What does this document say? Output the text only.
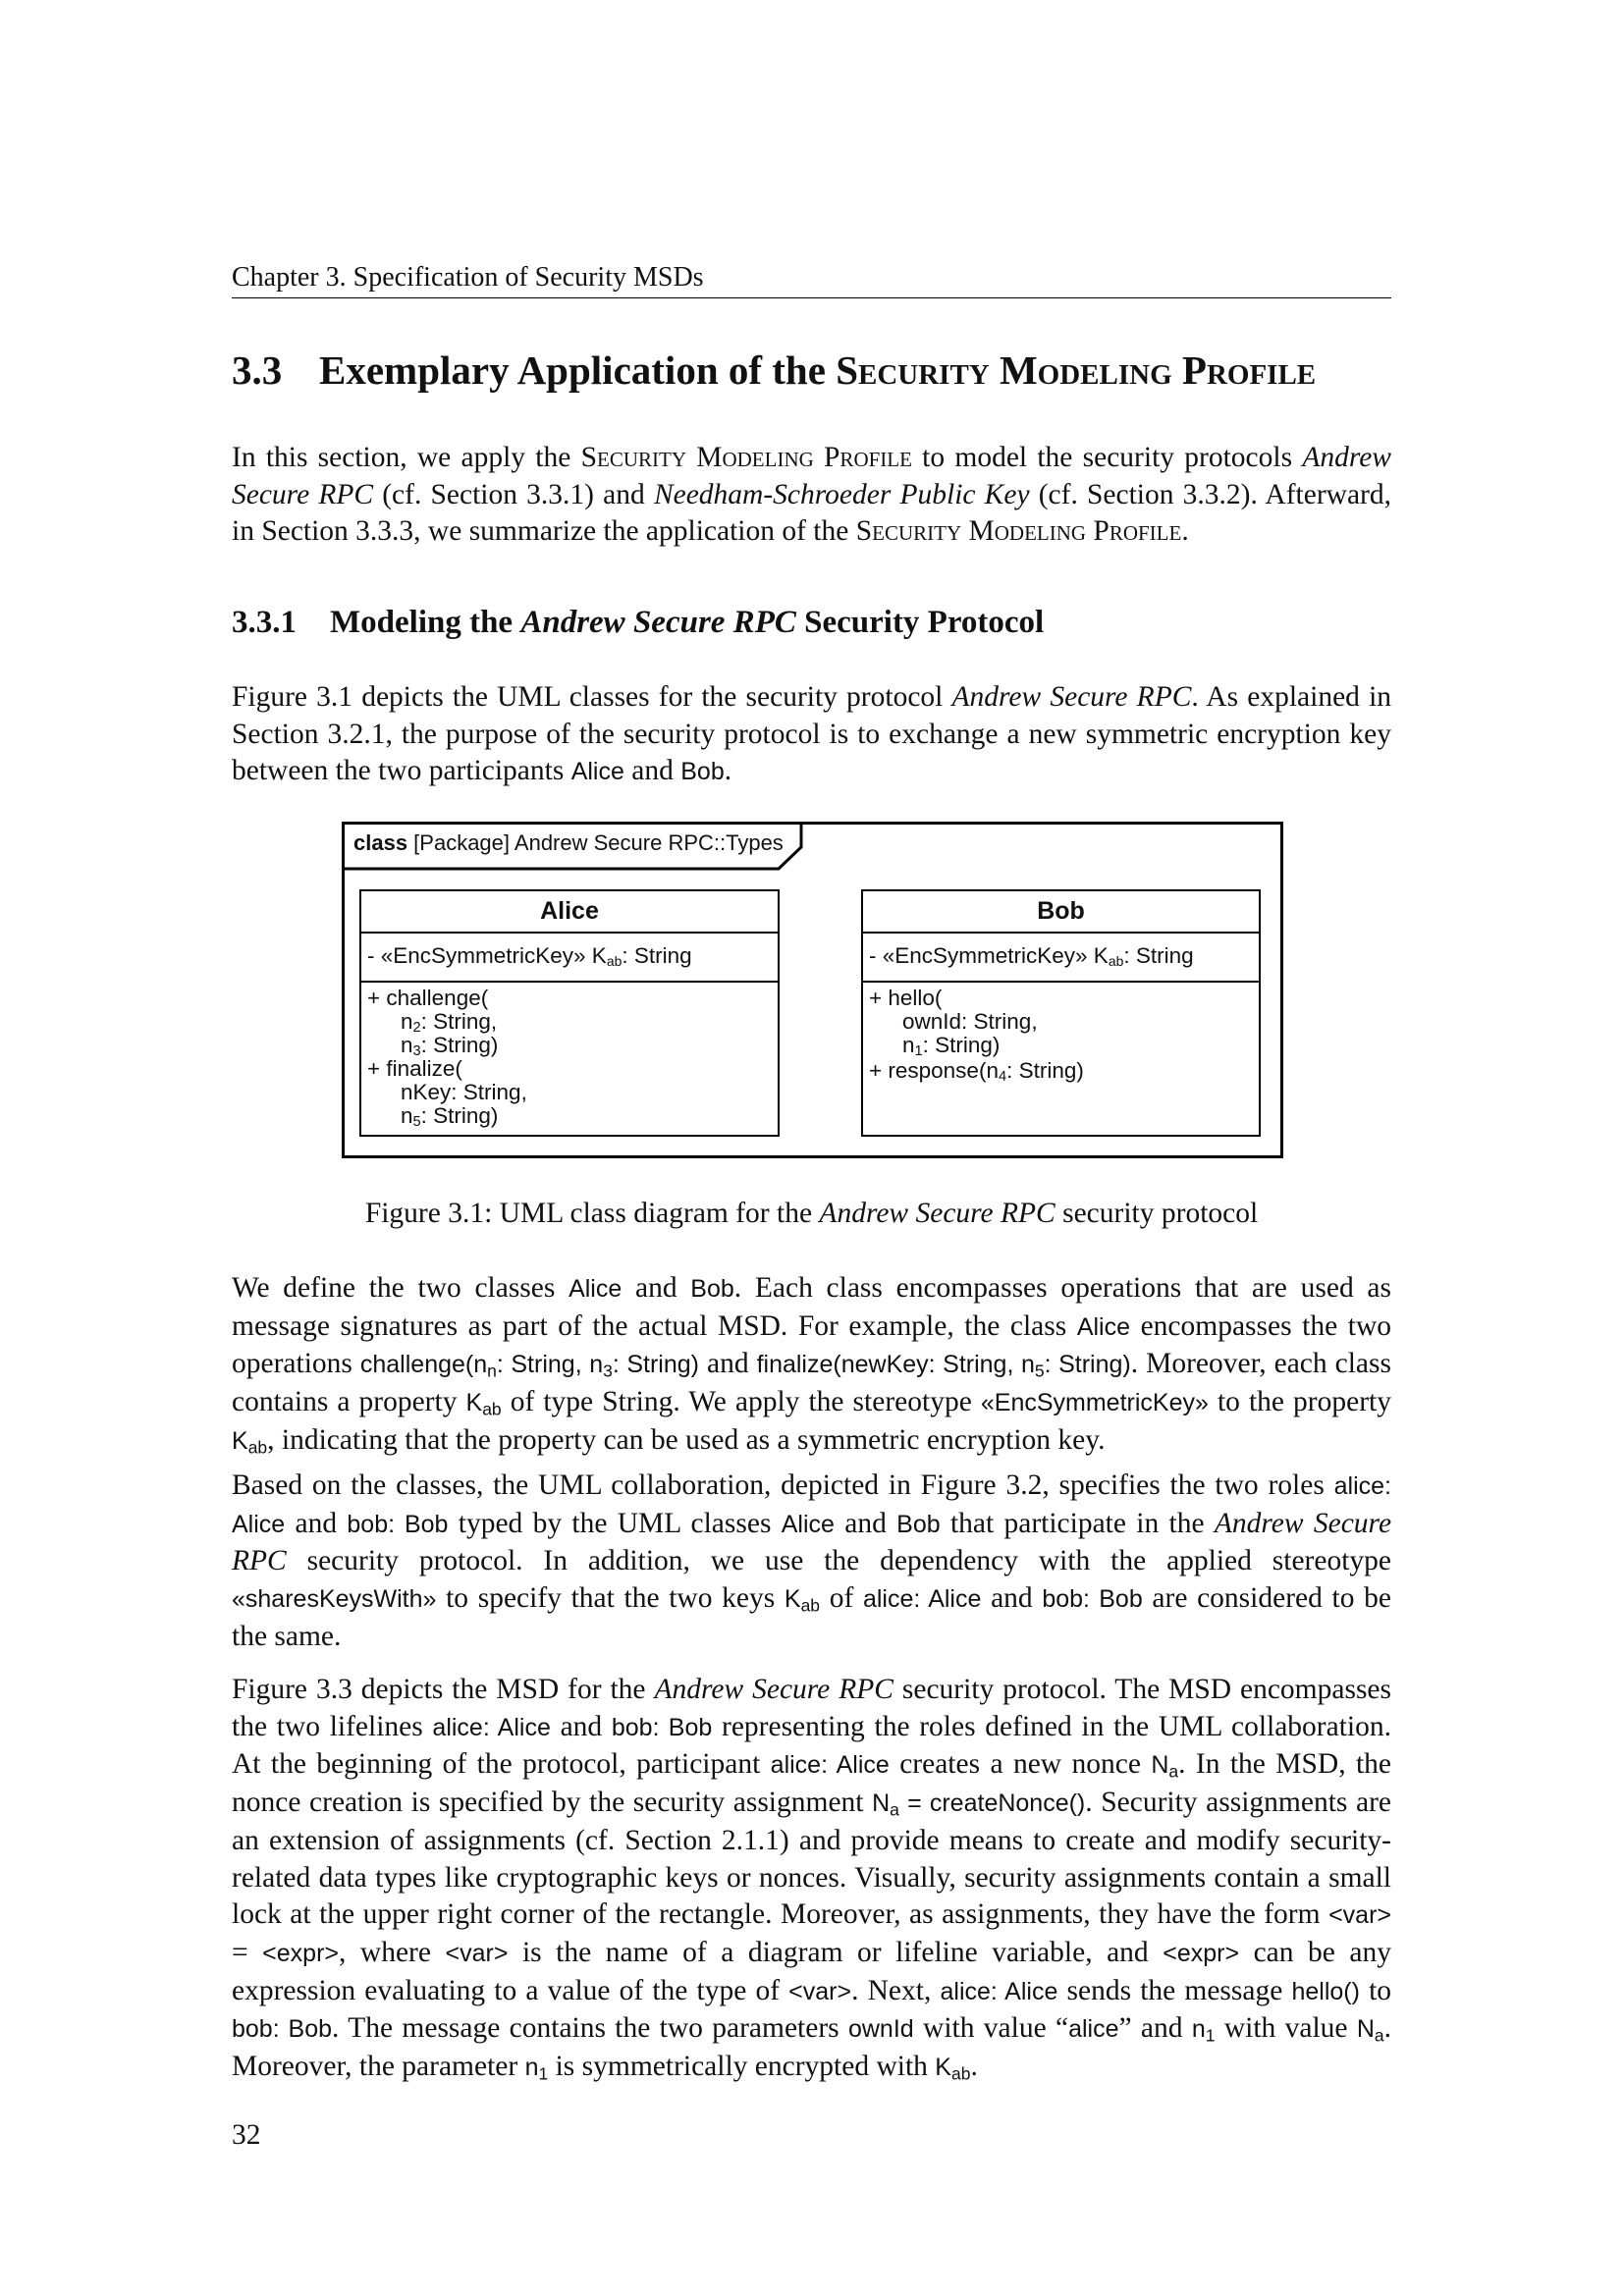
Chapter 3. Specification of Security MSDs
3.3 Exemplary Application of the Security Modeling Profile

In this section, we apply the Security Modeling Profile to model the security protocols Andrew Secure RPC (cf. Section 3.3.1) and Needham-Schroeder Public Key (cf. Section 3.3.2). Afterward, in Section 3.3.3, we summarize the application of the Security Modeling Profile.

3.3.1 Modeling the Andrew Secure RPC Security Protocol

Figure 3.1 depicts the UML classes for the security protocol Andrew Secure RPC. As explained in Section 3.2.1, the purpose of the security protocol is to exchange a new symmetric encryption key between the two participants Alice and Bob.

class [Package] Andrew Secure RPC::Types
Alice
- «EncSymmetricKey» $K_{ab}$: String
+ challenge(
$n_2$: String,
$n_3$: String)
+ finalize(
nKey: String,
$n_5$: String)
Bob
- «EncSymmetricKey» $K_{ab}$: String
+ hello(
ownId: String,
$n_1$: String)
+ $response(n_4$: String)
Figure 3.1: UML class diagram for the Andrew Secure RPC security protocol

We define the two classes Alice and Bob. Each class encompasses operations that are used as message signatures as part of the actual MSD. For example, the class Alice encompasses the two operations $challenge(n_n$: String, $n_3$: String) and finalize(newKey: String, $n_5$: String). Moreover, each class contains a property $K_{ab}$ of type String. We apply the stereotype «EncSymmetricKey» to the property $K_{ab}$, indicating that the property can be used as a symmetric encryption key.

Based on the classes, the UML collaboration, depicted in Figure 3.2, specifies the two roles alice: Alice and bob: Bob typed by the UML classes Alice and Bob that participate in the Andrew Secure RPC security protocol. In addition, we use the dependency with the applied stereotype «sharesKeysWith» to specify that the two keys $K_{ab}$ of alice: Alice and bob: Bob are considered to be the same.

Figure 3.3 depicts the MSD for the Andrew Secure RPC security protocol. The MSD encompasses the two lifelines alice: Alice and bob: Bob representing the roles defined in the UML collaboration. At the beginning of the protocol, participant alice: Alice creates a new nonce $N_a$. In the MSD, the nonce creation is specified by the security assignment $N_a$ = createNonce(). Security assignments are an extension of assignments (cf. Section 2.1.1) and provide means to create and modify security-related data types like cryptographic keys or nonces. Visually, security assignments contain a small lock at the upper right corner of the rectangle. Moreover, as assignments, they have the form <var> = <expr>, where <var> is the name of a diagram or lifeline variable, and <expr> can be any expression evaluating to a value of the type of <var>. Next, alice: Alice sends the message hello() to bob: Bob. The message contains the two parameters ownId with value “alice” and $n_1$ with value $N_a$. Moreover, the parameter $n_1$ is symmetrically encrypted with $K_{ab}$.

32
